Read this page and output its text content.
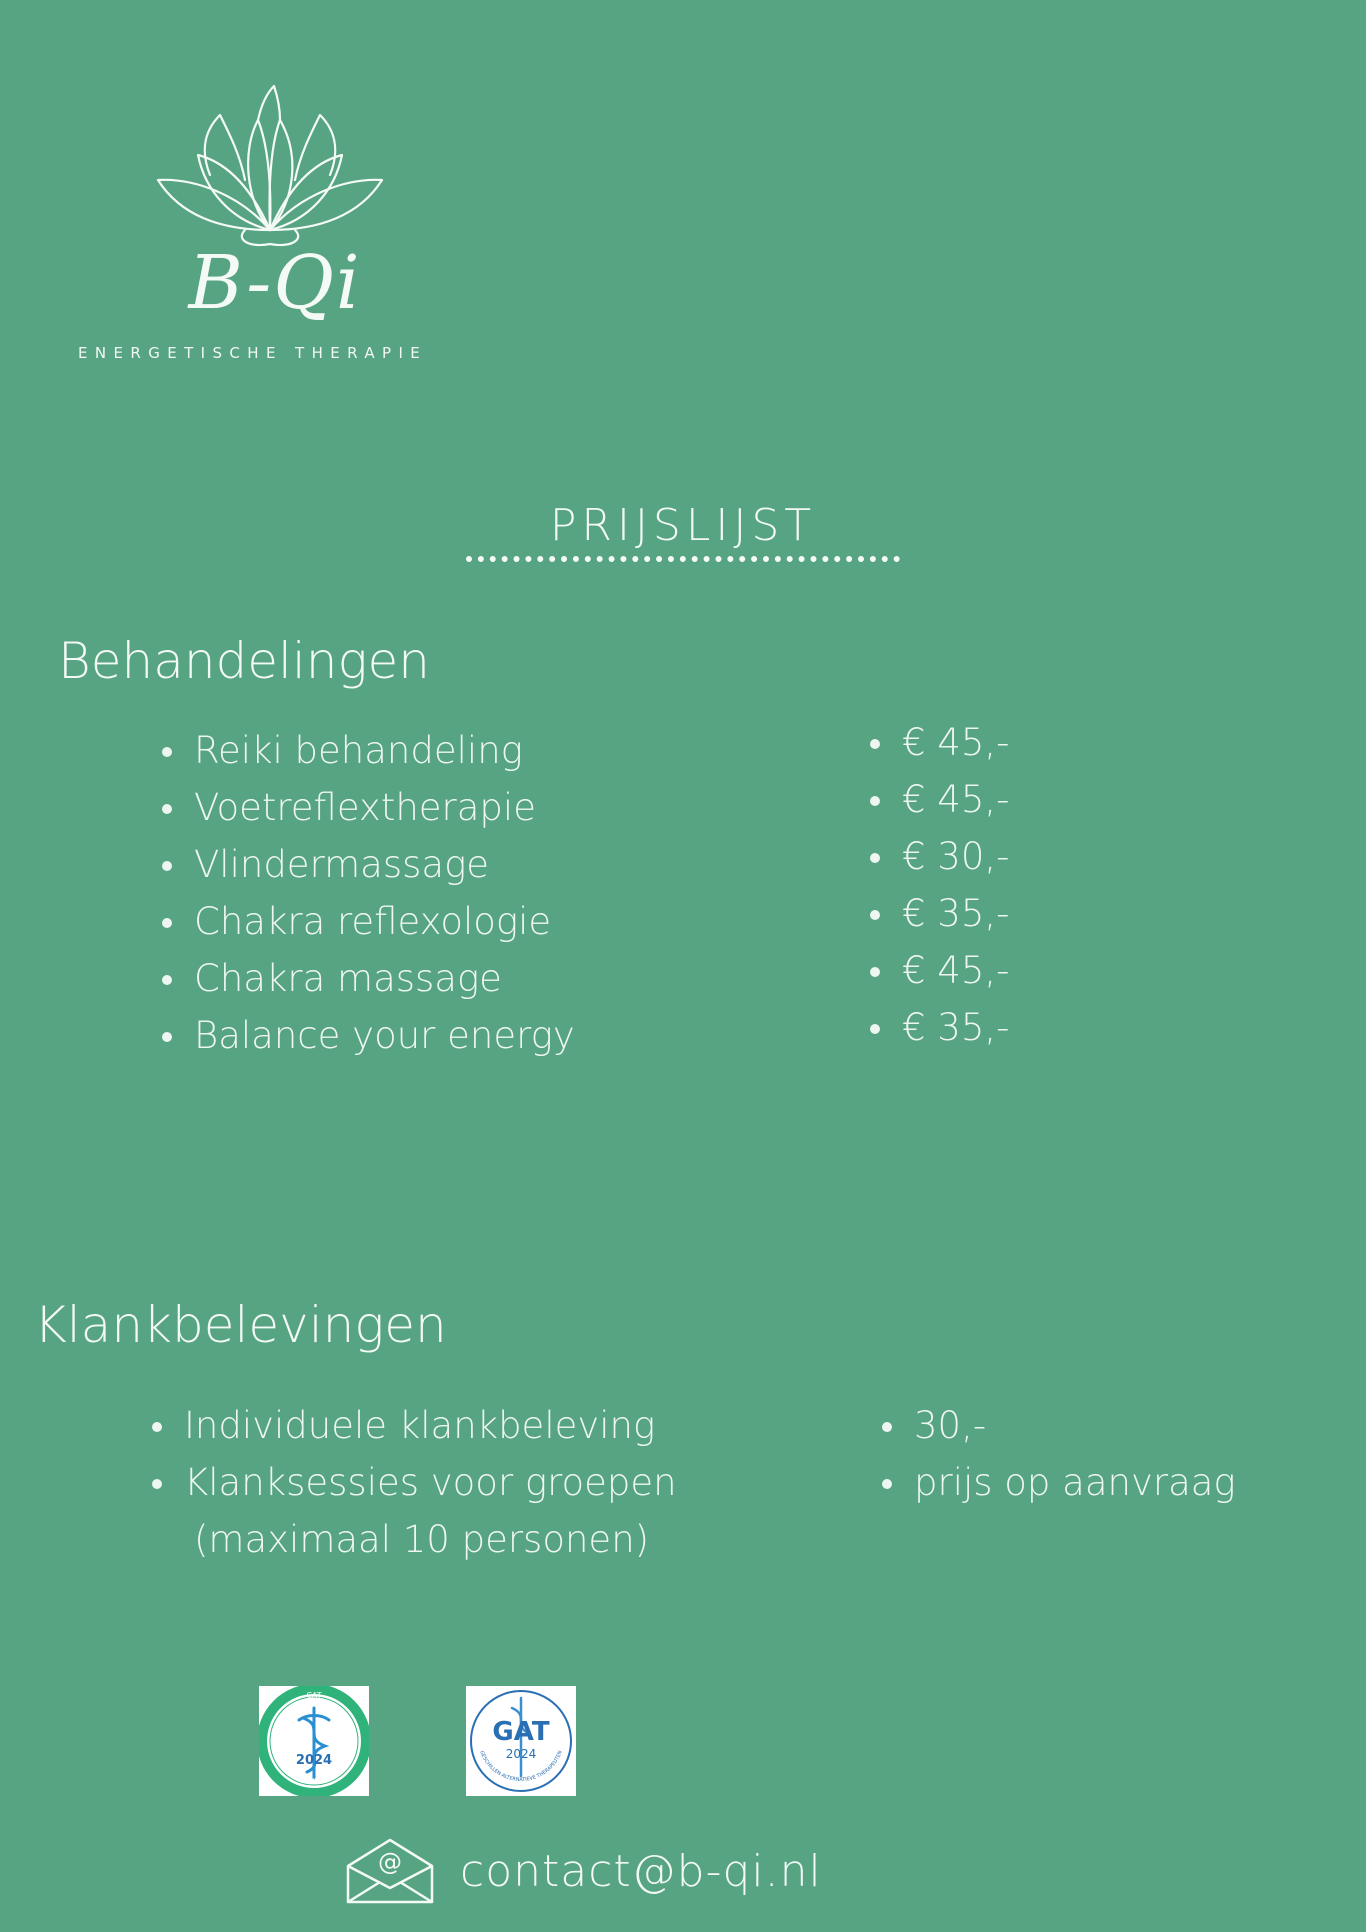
B-Qi
ENERGETISCHE THERAPIE
PRIJSLIJST
Behandelingen
Reiki behandeling
Voetreflextherapie
Vlindermassage
Chakra reflexologie
Chakra massage
Balance your energy
€ 45,-
€ 45,-
€ 30,-
€ 35,-
€ 45,-
€ 35,-
Klankbelevingen
Individuele klankbeleving
Klanksessies voor groepen
(maximaal 10 personen)
30,-
prijs op aanvraag
CAT
2024
COLLECTIEF ALTERNATIEVE THERAPEUTEN
GAT
2024
GESCHILLEN ALTERNATIEVE THERAPEUTEN
@ contact@b-qi.nl
